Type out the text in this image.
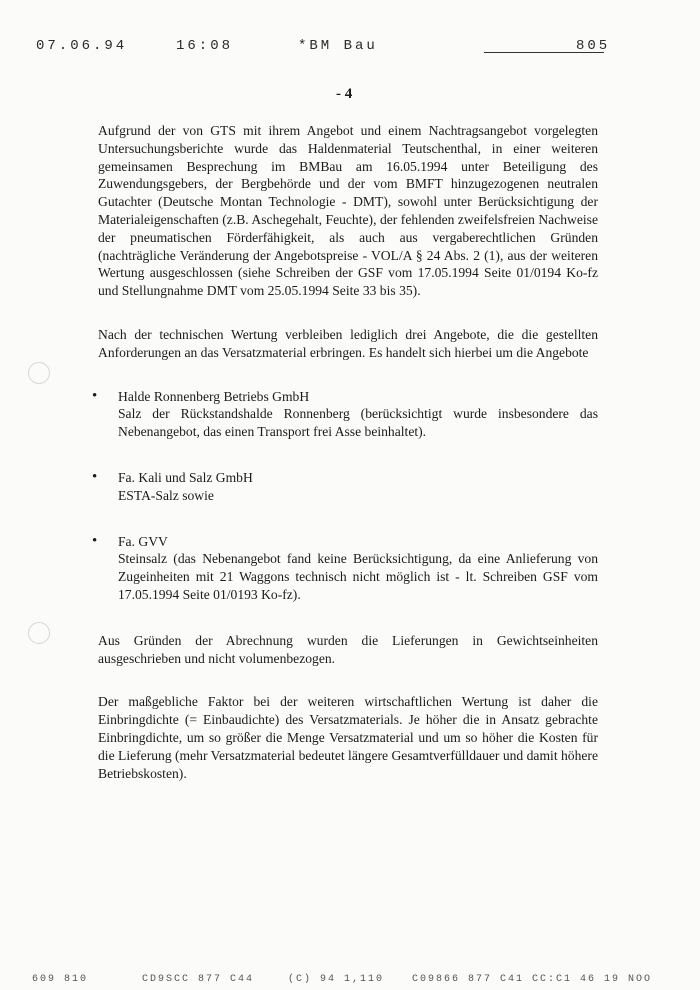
07.06.94	16:08	*BM Bau	805
- 4

Aufgrund der von GTS mit ihrem Angebot und einem Nachtragsangebot vorgelegten Untersuchungsberichte wurde das Haldenmaterial Teutschenthal, in einer weiteren gemeinsamen Besprechung im BMBau am 16.05.1994 unter Beteiligung des Zuwendungsgebers, der Bergbehörde und der vom BMFT hinzugezogenen neutralen Gutachter (Deutsche Montan Technologie - DMT), sowohl unter Berücksichtigung der Materialeigenschaften (z.B. Aschegehalt, Feuchte), der fehlenden zweifelsfreien Nachweise der pneumatischen Förderfähigkeit, als auch aus vergaberechtlichen Gründen (nachträgliche Veränderung der Angebotspreise - VOL/A § 24 Abs. 2 (1), aus der weiteren Wertung ausgeschlossen (siehe Schreiben der GSF vom 17.05.1994 Seite 01/0194 Ko-fz und Stellungnahme DMT vom 25.05.1994 Seite 33 bis 35).

Nach der technischen Wertung verbleiben lediglich drei Angebote, die die gestellten Anforderungen an das Versatzmaterial erbringen. Es handelt sich hierbei um die Angebote

• Halde Ronnenberg Betriebs GmbH
Salz der Rückstandshalde Ronnenberg (berücksichtigt wurde insbesondere das Nebenangebot, das einen Transport frei Asse beinhaltet).
• Fa. Kali und Salz GmbH
ESTA-Salz sowie
• Fa. GVV
Steinsalz (das Nebenangebot fand keine Berücksichtigung, da eine Anlieferung von Zugeinheiten mit 21 Waggons technisch nicht möglich ist - lt. Schreiben GSF vom 17.05.1994 Seite 01/0193 Ko-fz).

Aus Gründen der Abrechnung wurden die Lieferungen in Gewichtseinheiten ausgeschrieben und nicht volumenbezogen.

Der maßgebliche Faktor bei der weiteren wirtschaftlichen Wertung ist daher die Einbringdichte (= Einbaudichte) des Versatzmaterials. Je höher die in Ansatz gebrachte Einbringdichte, um so größer die Menge Versatzmaterial und um so höher die Kosten für die Lieferung (mehr Versatzmaterial bedeutet längere Gesamtverfülldauer und damit höhere Betriebskosten).

609 810	CD9SCC 877 C44	(C) 94 1,110	C09866 877 C41 CC:C1 46 19 NOO
